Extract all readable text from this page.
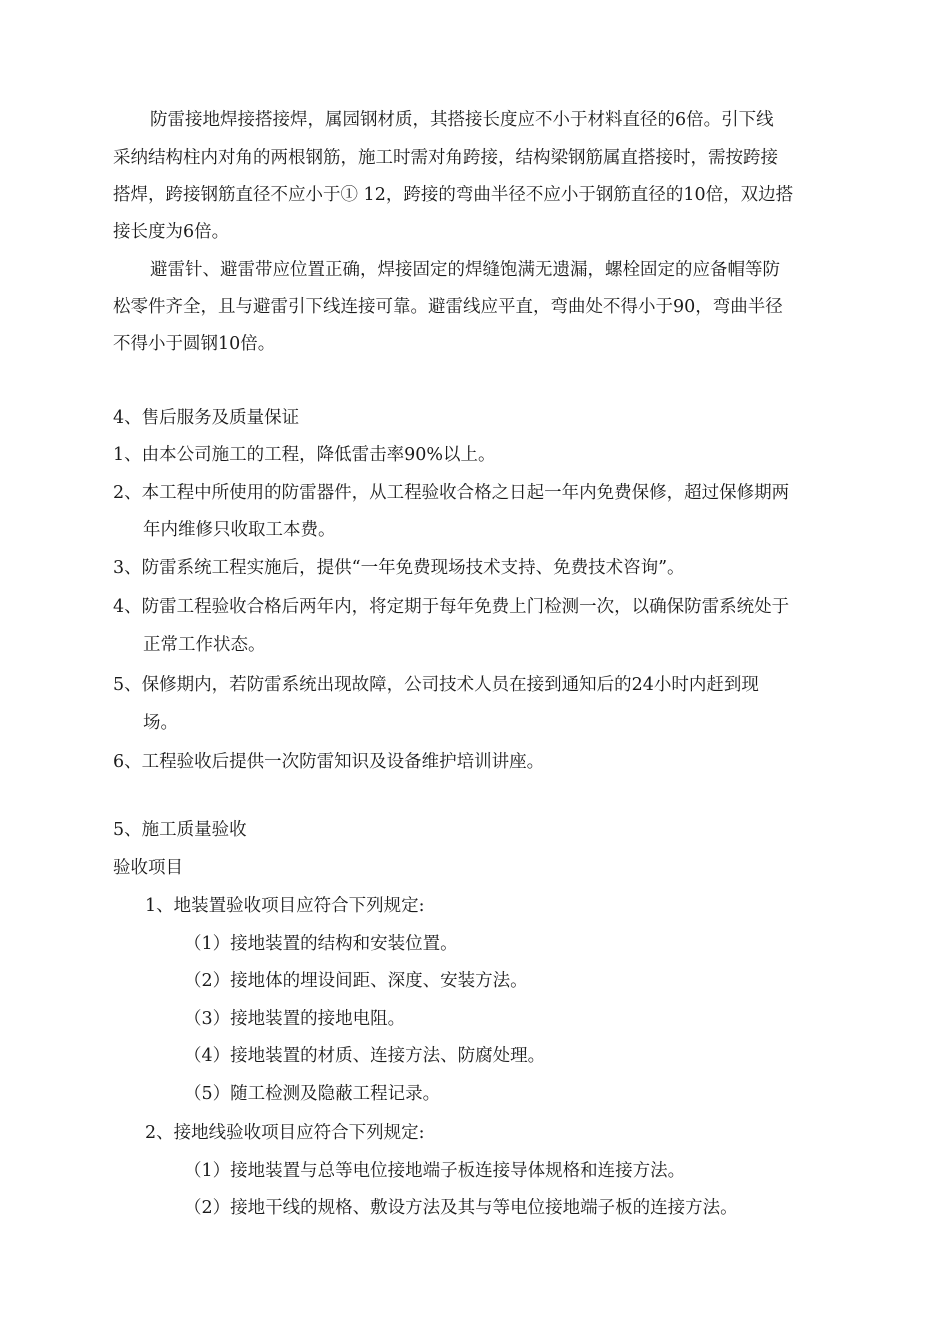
防雷接地焊接搭接焊，属园钢材质，其搭接长度应不小于材料直径的6倍。引下线

采纳结构柱内对角的两根钢筋，施工时需对角跨接，结构梁钢筋属直搭接时，需按跨接

搭焊，跨接钢筋直径不应小于① 12，跨接的弯曲半径不应小于钢筋直径的10倍，双边搭

接长度为6倍。

避雷针、避雷带应位置正确，焊接固定的焊缝饱满无遗漏，螺栓固定的应备帽等防

松零件齐全，且与避雷引下线连接可靠。避雷线应平直，弯曲处不得小于90，弯曲半径

不得小于圆钢10倍。

4、售后服务及质量保证

1、由本公司施工的工程，降低雷击率90%以上。

2、本工程中所使用的防雷器件，从工程验收合格之日起一年内免费保修，超过保修期两

年内维修只收取工本费。

3、防雷系统工程实施后，提供“一年免费现场技术支持、免费技术咨询”。

4、防雷工程验收合格后两年内，将定期于每年免费上门检测一次，以确保防雷系统处于

正常工作状态。

5、保修期内，若防雷系统出现故障，公司技术人员在接到通知后的24小时内赶到现

场。

6、工程验收后提供一次防雷知识及设备维护培训讲座。

5、施工质量验收

验收项目

1、地装置验收项目应符合下列规定:

（1）接地装置的结构和安装位置。

（2）接地体的埋设间距、深度、安装方法。

（3）接地装置的接地电阻。

（4）接地装置的材质、连接方法、防腐处理。

（5）随工检测及隐蔽工程记录。

2、接地线验收项目应符合下列规定:

（1）接地装置与总等电位接地端子板连接导体规格和连接方法。

（2）接地干线的规格、敷设方法及其与等电位接地端子板的连接方法。
